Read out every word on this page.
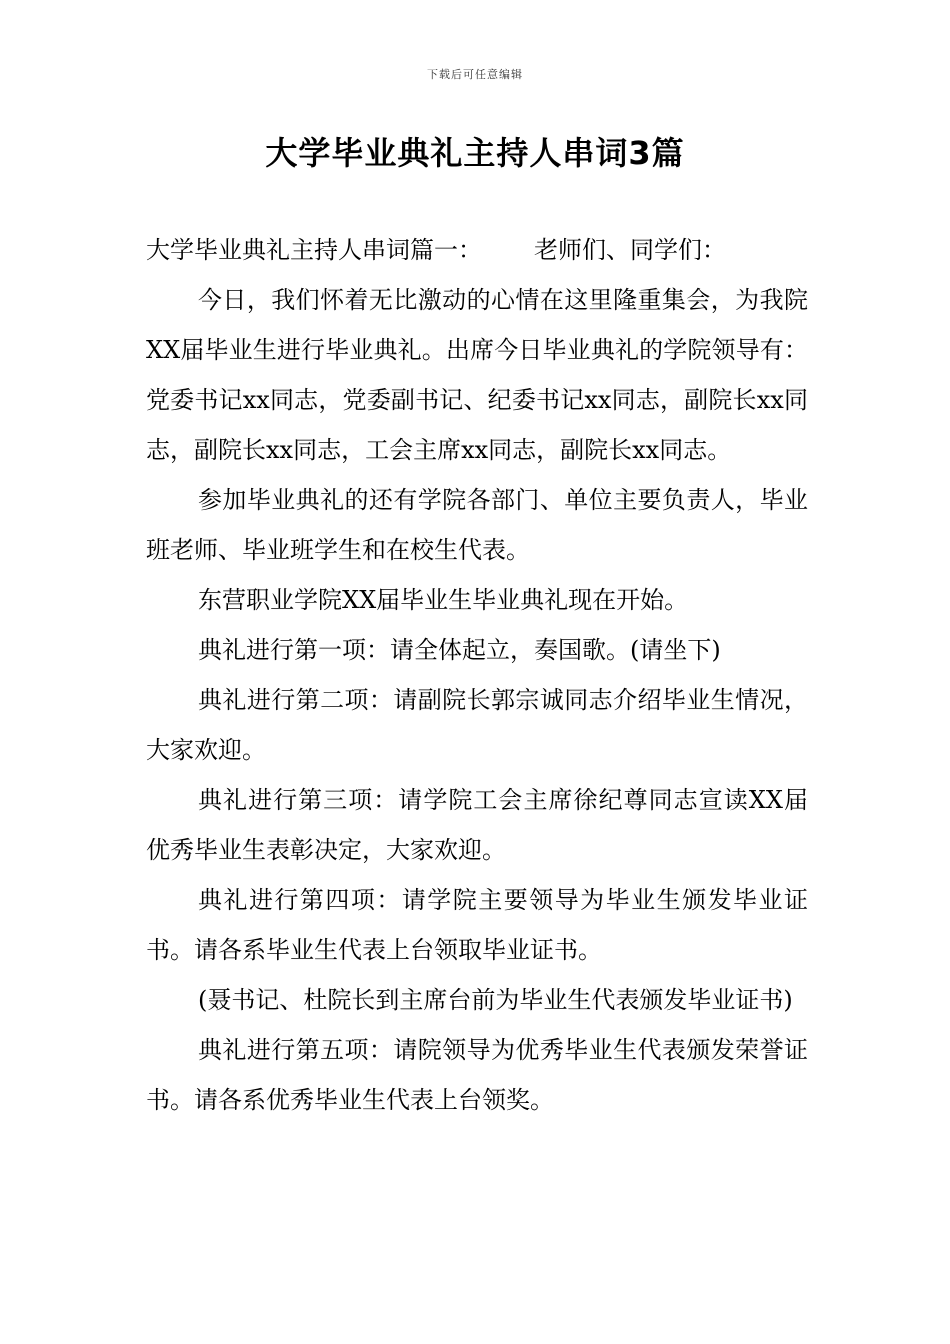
下载后可任意编辑
大学毕业典礼主持人串词3篇
大学毕业典礼主持人串词篇一： 老师们、同学们：

今日，我们怀着无比激动的心情在这里隆重集会，为我院XX届毕业生进行毕业典礼。出席今日毕业典礼的学院领导有：党委书记xx同志，党委副书记、纪委书记xx同志，副院长xx同志，副院长xx同志，工会主席xx同志，副院长xx同志。

参加毕业典礼的还有学院各部门、单位主要负责人，毕业班老师、毕业班学生和在校生代表。

东营职业学院XX届毕业生毕业典礼现在开始。

典礼进行第一项：请全体起立，奏国歌。(请坐下)

典礼进行第二项：请副院长郭宗诚同志介绍毕业生情况，大家欢迎。

典礼进行第三项：请学院工会主席徐纪尊同志宣读XX届优秀毕业生表彰决定，大家欢迎。

典礼进行第四项：请学院主要领导为毕业生颁发毕业证书。请各系毕业生代表上台领取毕业证书。

(聂书记、杜院长到主席台前为毕业生代表颁发毕业证书)

典礼进行第五项：请院领导为优秀毕业生代表颁发荣誉证书。请各系优秀毕业生代表上台领奖。
